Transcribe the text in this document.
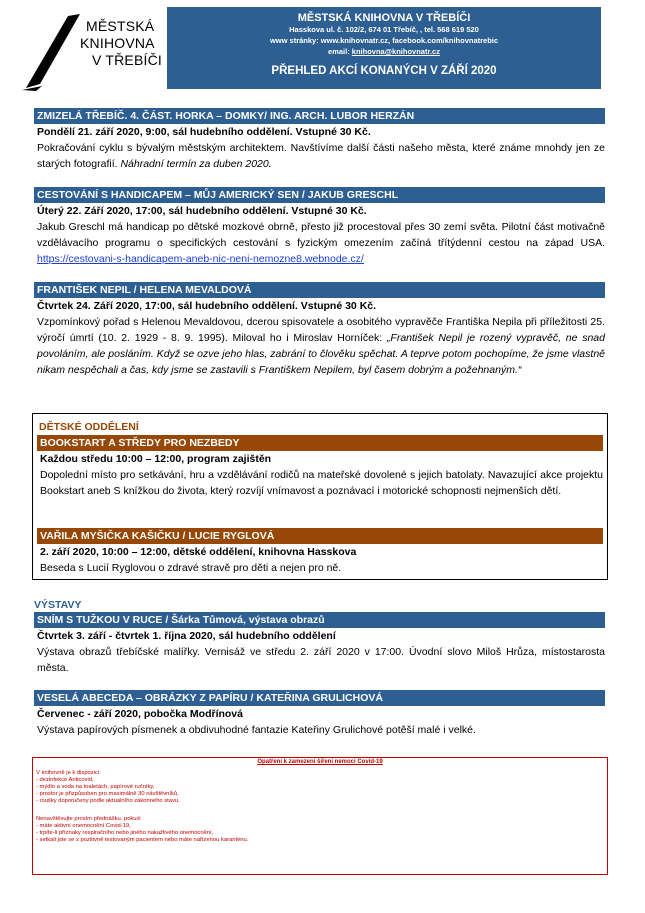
MĚSTSKÁ
KNIHOVNA
V TŘEBÍČI
MĚSTSKÁ KNIHOVNA V TŘEBÍČI
Hasskova ul. č. 102/2, 674 01 Třebíč, , tel. 568 619 520
www stránky: www.knihovnatr.cz, facebook.com/knihovnatrebic
email: knihovna@knihovnatr.cz
PŘEHLED AKCÍ KONANÝCH V ZÁŘÍ 2020
ZMIZELÁ TŘEBÍČ. 4. ČÁST. HORKA – DOMKY/ ING. ARCH. LUBOR HERZÁN
Pondělí 21. září 2020, 9:00, sál hudebního oddělení. Vstupné 30 Kč.
Pokračování cyklu s bývalým městským architektem. Navštívíme další části našeho města, které známe mnohdy jen ze starých fotografií. Náhradní termín za duben 2020.
CESTOVÁNÍ S HANDICAPEM – MŮJ AMERICKÝ SEN / JAKUB GRESCHL
Úterý 22. Září 2020, 17:00, sál hudebního oddělení. Vstupné 30 Kč.
Jakub Greschl má handicap po dětské mozkové obrně, přesto již procestoval přes 30 zemí světa. Pilotní část motivačně vzdělávacího programu o specifických cestování s fyzickým omezením začíná třítýdenní cestou na západ USA. https://cestovani-s-handicapem-aneb-nic-neni-nemozne8.webnode.cz/
FRANTIŠEK NEPIL / HELENA MEVALDOVÁ
Čtvrtek 24. Září 2020, 17:00, sál hudebního oddělení. Vstupné 30 Kč.
Vzpomínkový pořad s Helenou Mevaldovou, dcerou spisovatele a osobitého vypravěče Františka Nepila při příležitosti 25. výročí úmrtí (10. 2. 1929 - 8. 9. 1995). Miloval ho i Miroslav Horníček: „František Nepil je rozený vypravěč, ne snad povoláním, ale posláním. Když se ozve jeho hlas, zabrání to člověku spěchat. A teprve potom pochopíme, že jsme vlastně nikam nespěchali a čas, kdy jsme se zastavili s Františkem Nepilem, byl časem dobrým a požehnaným.“
DĚTSKÉ ODDĚLENÍ
BOOKSTART A STŘEDY PRO NEZBEDY
Každou středu 10:00 – 12:00, program zajištěn
Dopolední místo pro setkávání, hru a vzdělávání rodičů na mateřské dovolené s jejich batolaty. Navazující akce projektu Bookstart aneb S knížkou do života, který rozvíjí vnímavost a poznávací i motorické schopnosti nejmenších dětí.
VAŘILA MYŠIČKA KAŠIČKU / LUCIE RYGLOVÁ
2. září 2020, 10:00 – 12:00, dětské oddělení, knihovna Hasskova
Beseda s Lucií Ryglovou o zdravé stravě pro děti a nejen pro ně.
VÝSTAVY
SNÍM S TUŽKOU V RUCE / Šárka Tůmová, výstava obrazů
Čtvrtek 3. září - čtvrtek 1. října 2020, sál hudebního oddělení
Výstava obrazů třebíčské malířky. Vernisáž ve středu 2. září 2020 v 17:00. Úvodní slovo Miloš Hrůza, místostarosta města.
VESELÁ ABECEDA – OBRÁZKY Z PAPÍRU / KATEŘINA GRULICHOVÁ
Červenec - září 2020, pobočka Modřínová
Výstava papírových písmenek a obdivuhodné fantazie Kateřiny Grulichové potěší malé i velké.
Opatření k zamezení šíření nemoci Covid-19
V knihovně je k dispozici:
- dezinfekce Anticovid,
- mýdlo a voda na toaletách, papírové ručníky,
- prostor je přizpůsoben pro maximálně 30 návštěvníků,
- roušky doporučeny podle aktuálního zákonného stavu.
Nenavštěvujte prosím přednášku, pokud:
- máte aktivní onemocnění Covid-19,
- trpíte-li příznaky respiračního nebo jiného nakažlivého onemocnění,
- setkali jste se s pozitivně testovaným pacientem nebo máte nařízenou karanténu.
